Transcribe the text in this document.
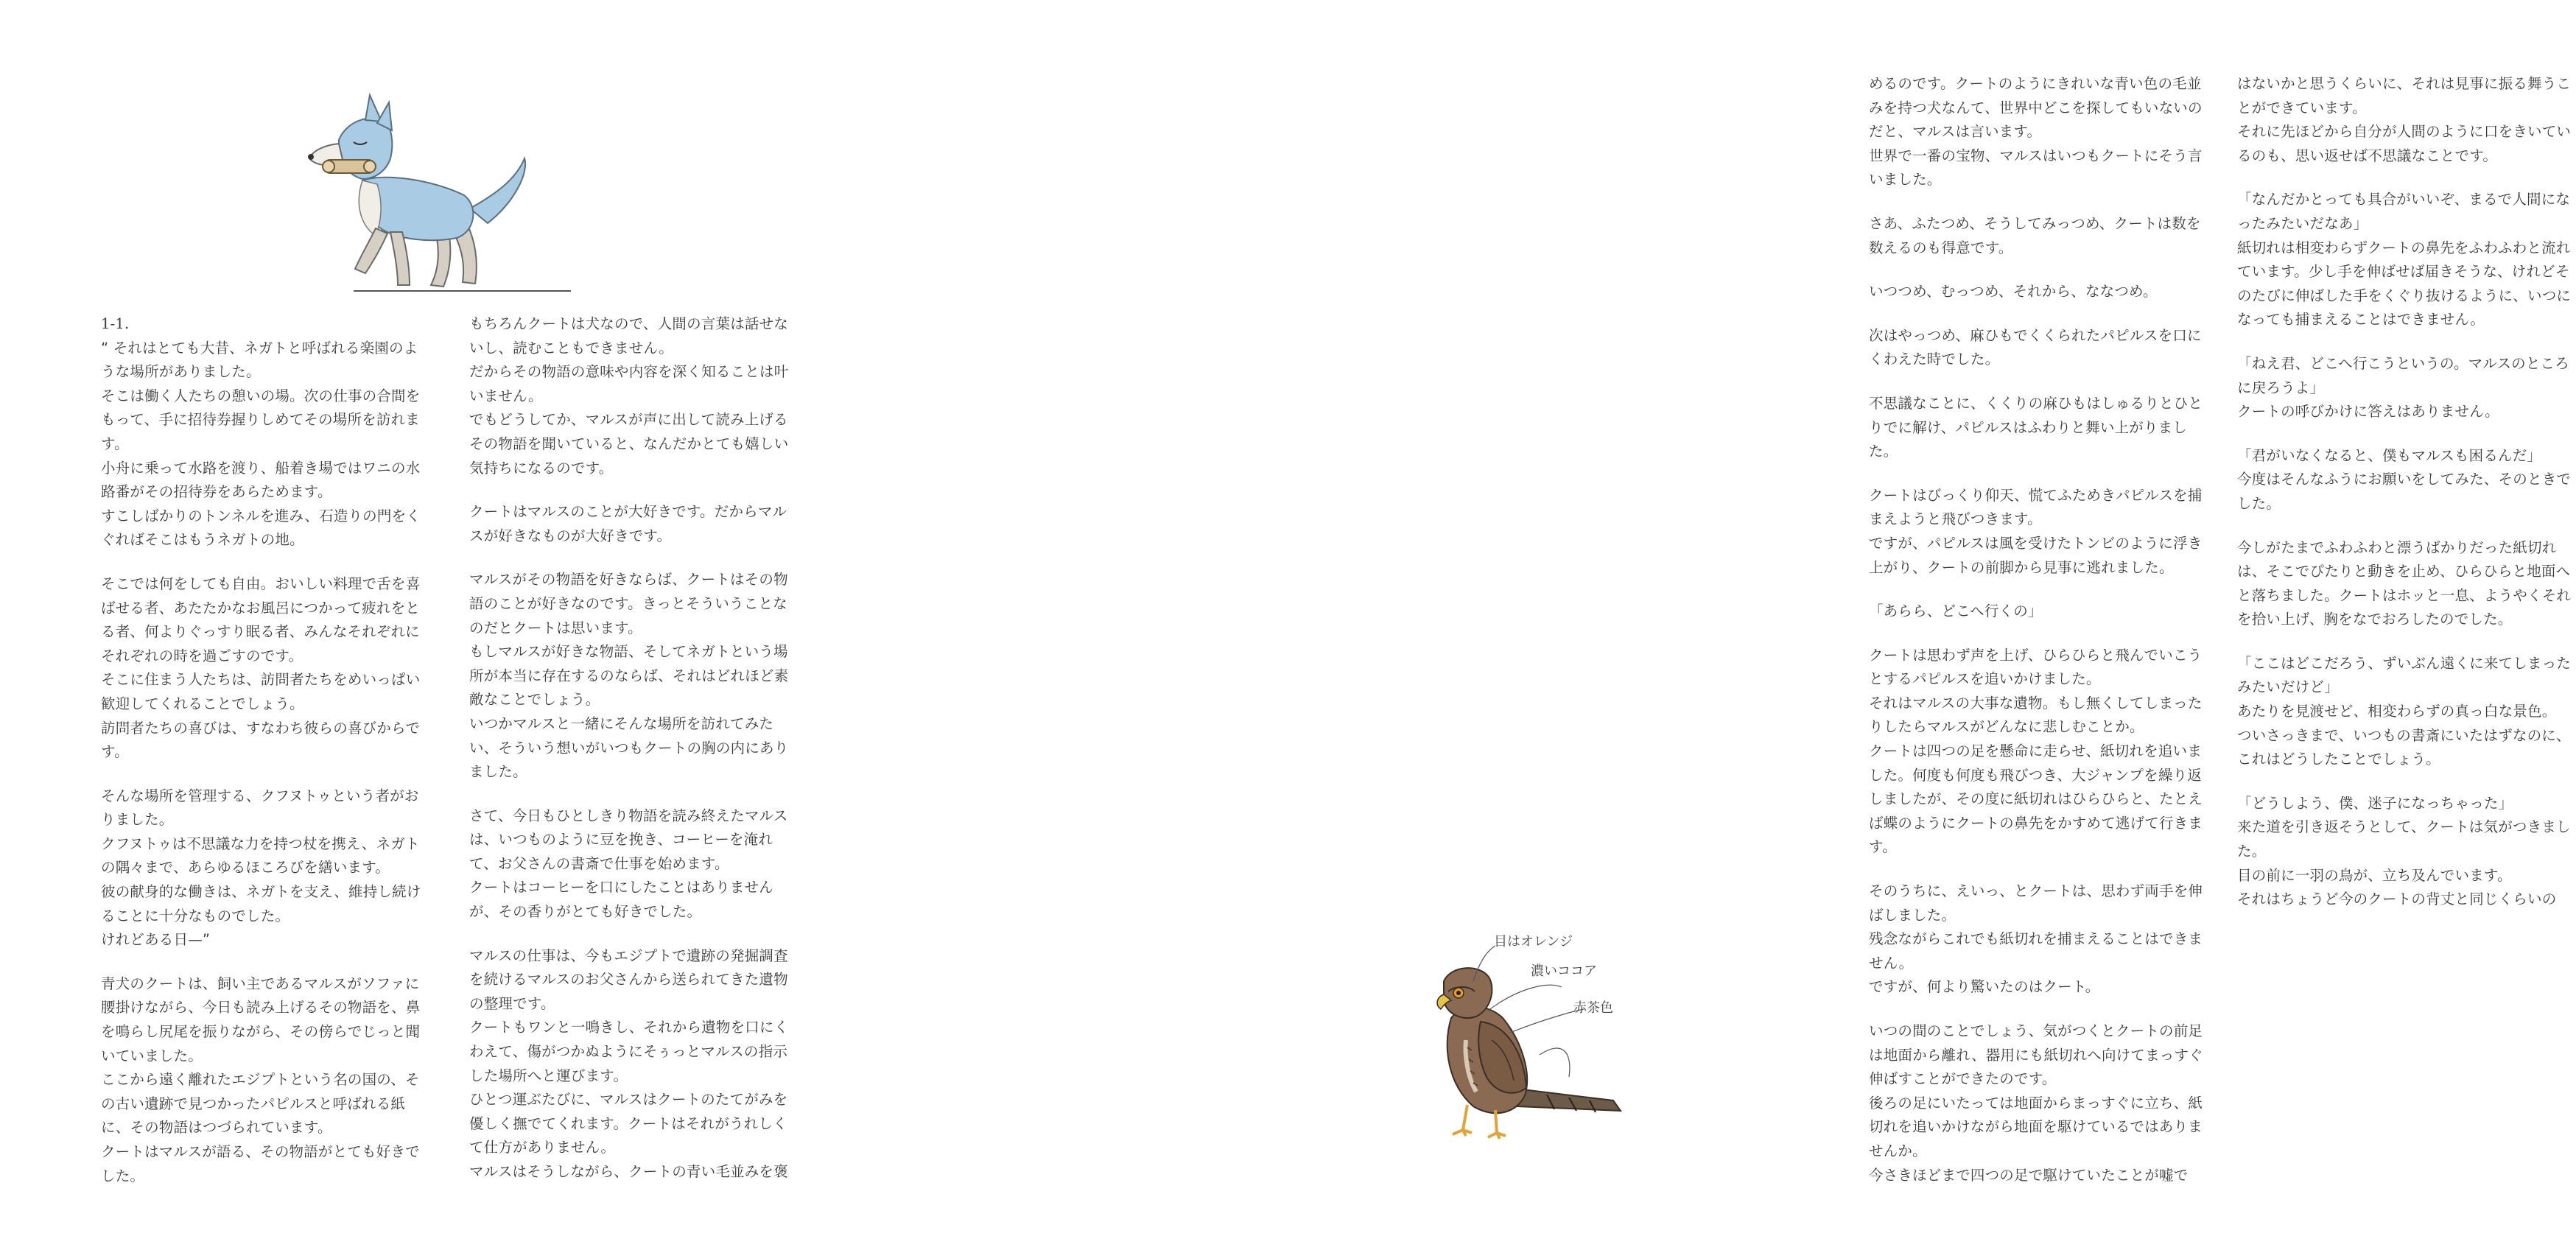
1-1.

“ それはとても大昔、ネガトと呼ばれる楽園のような場所がありました。
そこは働く人たちの憩いの場。次の仕事の合間をもって、手に招待券握りしめてその場所を訪れます。
小舟に乗って水路を渡り、船着き場ではワニの水路番がその招待券をあらためます。
すこしばかりのトンネルを進み、石造りの門をくぐればそこはもうネガトの地。

そこでは何をしても自由。おいしい料理で舌を喜ばせる者、あたたかなお風呂につかって疲れをとる者、何よりぐっすり眠る者、みんなそれぞれにそれぞれの時を過ごすのです。
そこに住まう人たちは、訪問者たちをめいっぱい歓迎してくれることでしょう。
訪問者たちの喜びは、すなわち彼らの喜びからです。

そんな場所を管理する、クフヌトゥという者がおりました。
クフヌトゥは不思議な力を持つ杖を携え、ネガトの隅々まで、あらゆるほころびを繕います。
彼の献身的な働きは、ネガトを支え、維持し続けることに十分なものでした。
けれどある日—”

青犬のクートは、飼い主であるマルスがソファに腰掛けながら、今日も読み上げるその物語を、鼻を鳴らし尻尾を振りながら、その傍らでじっと聞いていました。
ここから遠く離れたエジプトという名の国の、その古い遺跡で見つかったパピルスと呼ばれる紙に、その物語はつづられています。
クートはマルスが語る、その物語がとても好きでした。

もちろんクートは犬なので、人間の言葉は話せないし、読むこともできません。
だからその物語の意味や内容を深く知ることは叶いません。
でもどうしてか、マルスが声に出して読み上げるその物語を聞いていると、なんだかとても嬉しい気持ちになるのです。

クートはマルスのことが大好きです。だからマルスが好きなものが大好きです。

マルスがその物語を好きならば、クートはその物語のことが好きなのです。きっとそういうことなのだとクートは思います。
もしマルスが好きな物語、そしてネガトという場所が本当に存在するのならば、それはどれほど素敵なことでしょう。
いつかマルスと一緒にそんな場所を訪れてみたい、そういう想いがいつもクートの胸の内にありました。

さて、今日もひとしきり物語を読み終えたマルスは、いつものように豆を挽き、コーヒーを淹れて、お父さんの書斎で仕事を始めます。
クートはコーヒーを口にしたことはありませんが、その香りがとても好きでした。

マルスの仕事は、今もエジプトで遺跡の発掘調査を続けるマルスのお父さんから送られてきた遺物の整理です。
クートもワンと一鳴きし、それから遺物を口にくわえて、傷がつかぬようにそぅっとマルスの指示した場所へと運びます。
ひとつ運ぶたびに、マルスはクートのたてがみを優しく撫でてくれます。クートはそれがうれしくて仕方がありません。
マルスはそうしながら、クートの青い毛並みを褒

めるのです。クートのようにきれいな青い色の毛並みを持つ犬なんて、世界中どこを探してもいないのだと、マルスは言います。
世界で一番の宝物、マルスはいつもクートにそう言いました。

さあ、ふたつめ、そうしてみっつめ、クートは数を数えるのも得意です。

いつつめ、むっつめ、それから、ななつめ。

次はやっつめ、麻ひもでくくられたパピルスを口にくわえた時でした。

不思議なことに、くくりの麻ひもはしゅるりとひとりでに解け、パピルスはふわりと舞い上がりました。

クートはびっくり仰天、慌てふためきパピルスを捕まえようと飛びつきます。
ですが、パピルスは風を受けたトンビのように浮き上がり、クートの前脚から見事に逃れました。

「あらら、どこへ行くの」

クートは思わず声を上げ、ひらひらと飛んでいこうとするパピルスを追いかけました。
それはマルスの大事な遺物。もし無くしてしまったりしたらマルスがどんなに悲しむことか。
クートは四つの足を懸命に走らせ、紙切れを追いました。何度も何度も飛びつき、大ジャンプを繰り返しましたが、その度に紙切れはひらひらと、たとえば蝶のようにクートの鼻先をかすめて逃げて行きます。

そのうちに、えいっ、とクートは、思わず両手を伸ばしました。
残念ながらこれでも紙切れを捕まえることはできません。
ですが、何より驚いたのはクート。

いつの間のことでしょう、気がつくとクートの前足は地面から離れ、器用にも紙切れへ向けてまっすぐ伸ばすことができたのです。
後ろの足にいたっては地面からまっすぐに立ち、紙切れを追いかけながら地面を駆けているではありませんか。
今さきほどまで四つの足で駆けていたことが嘘で

はないかと思うくらいに、それは見事に振る舞うことができています。
それに先ほどから自分が人間のように口をきいているのも、思い返せば不思議なことです。

「なんだかとっても具合がいいぞ、まるで人間になったみたいだなあ」
紙切れは相変わらずクートの鼻先をふわふわと流れています。少し手を伸ばせば届きそうな、けれどそのたびに伸ばした手をくぐり抜けるように、いつになっても捕まえることはできません。

「ねえ君、どこへ行こうというの。マルスのところに戻ろうよ」
クートの呼びかけに答えはありません。

「君がいなくなると、僕もマルスも困るんだ」
今度はそんなふうにお願いをしてみた、そのときでした。

今しがたまでふわふわと漂うばかりだった紙切れは、そこでぴたりと動きを止め、ひらひらと地面へと落ちました。クートはホッと一息、ようやくそれを拾い上げ、胸をなでおろしたのでした。

「ここはどこだろう、ずいぶん遠くに来てしまったみたいだけど」
あたりを見渡せど、相変わらずの真っ白な景色。
ついさっきまで、いつもの書斎にいたはずなのに、これはどうしたことでしょう。

「どうしよう、僕、迷子になっちゃった」
来た道を引き返そうとして、クートは気がつきました。
目の前に一羽の鳥が、立ち及んでいます。
それはちょうど今のクートの背丈と同じくらいの

目はオレンジ
濃いココア
赤茶色
